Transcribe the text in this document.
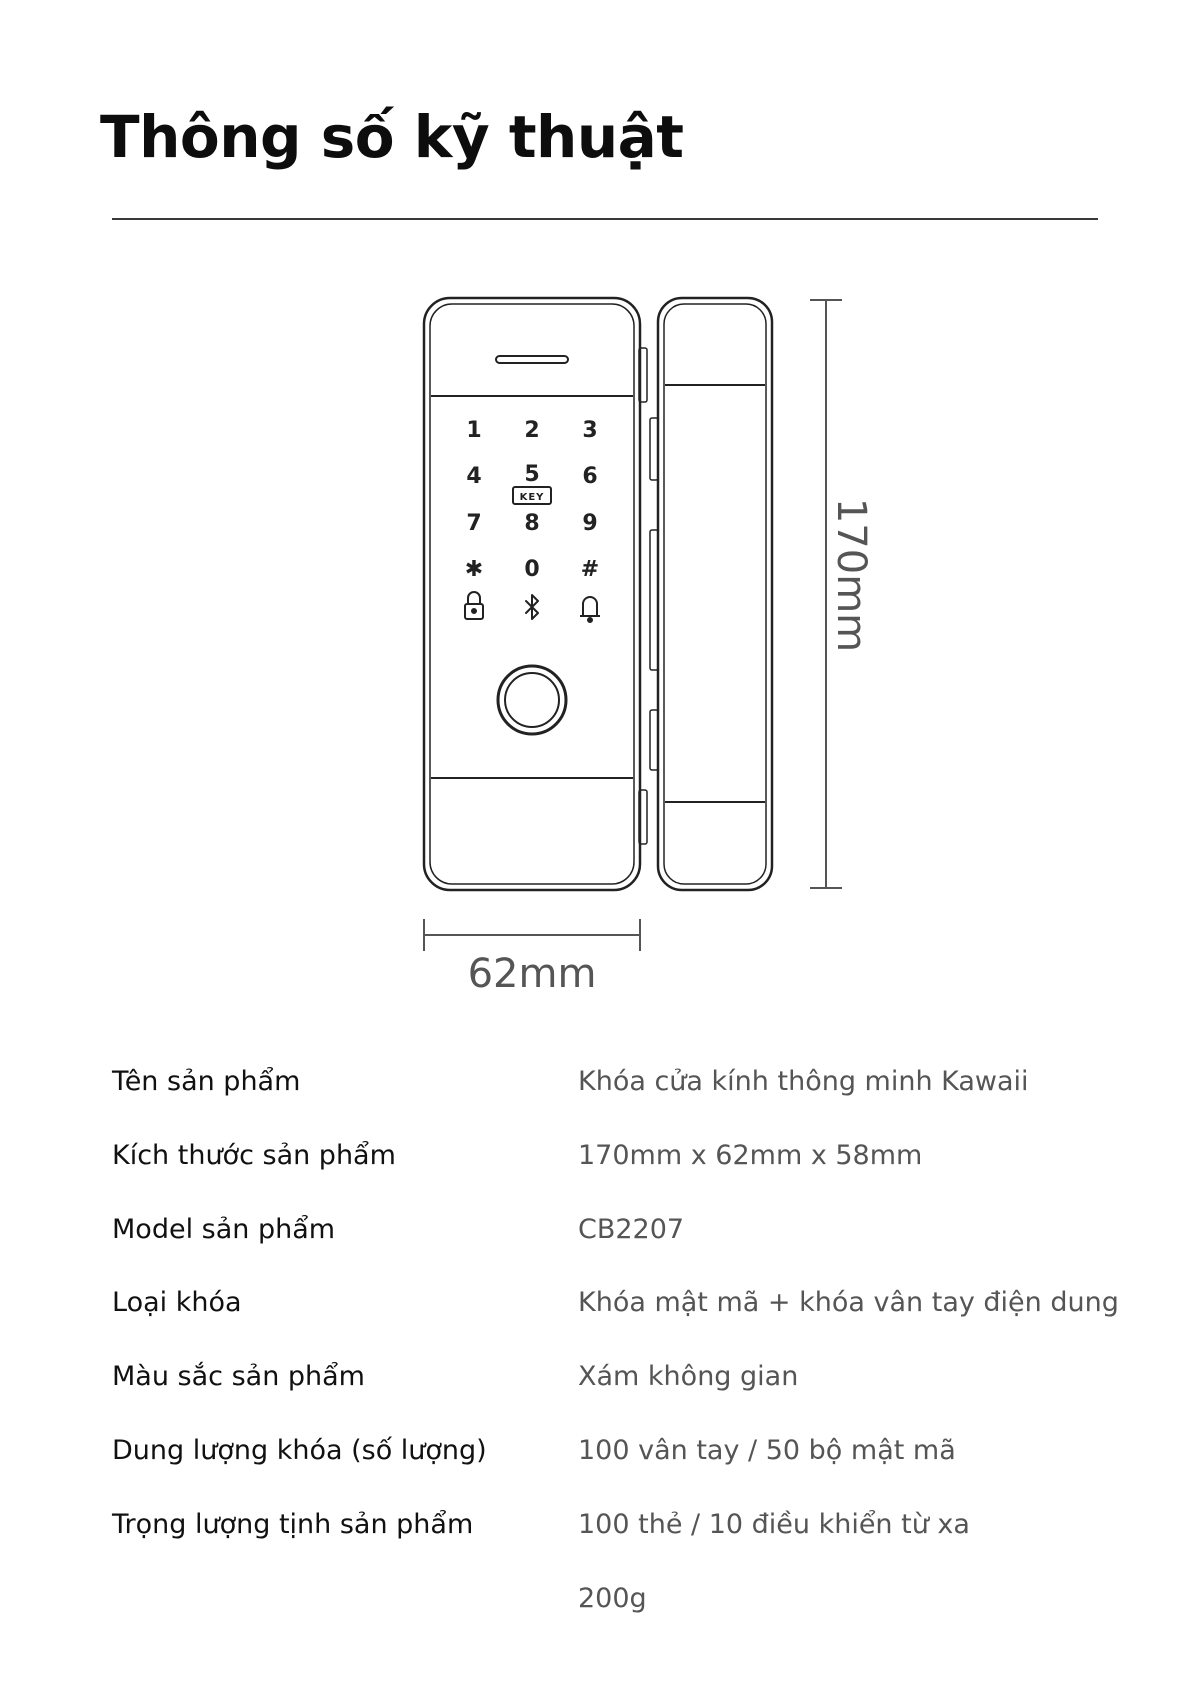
Thông số kỹ thuật
1 2 3
4 5 6
7 8 9
✱ 0 #
KEY
170mm
62mm
Tên sản phẩm	Khóa cửa kính thông minh Kawaii
Kích thước sản phẩm	170mm x 62mm x 58mm
Model sản phẩm	CB2207
Loại khóa	Khóa mật mã + khóa vân tay điện dung
Màu sắc sản phẩm	Xám không gian
Dung lượng khóa (số lượng)	100 vân tay / 50 bộ mật mã
Trọng lượng tịnh sản phẩm	100 thẻ / 10 điều khiển từ xa
200g
